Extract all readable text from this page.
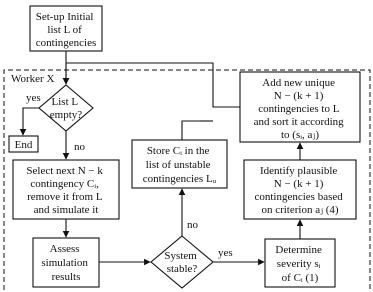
Worker X
Set-up Initial list L of contingencies
List L empty?
End
Select next N − k contingency Cᵢ, remove it from L and simulate it
Assess simulation results
System stable?
Store Cᵢ in the list of unstable contingencies Lᵤ
Determine severity sᵢ of Cᵢ (1)
Identify plausible N − (k + 1) contingencies based on criterion aⱼ (4)
Add new unique N − (k + 1) contingencies to L and sort it according to (sᵢ, aⱼ)
yes
no
no
yes
